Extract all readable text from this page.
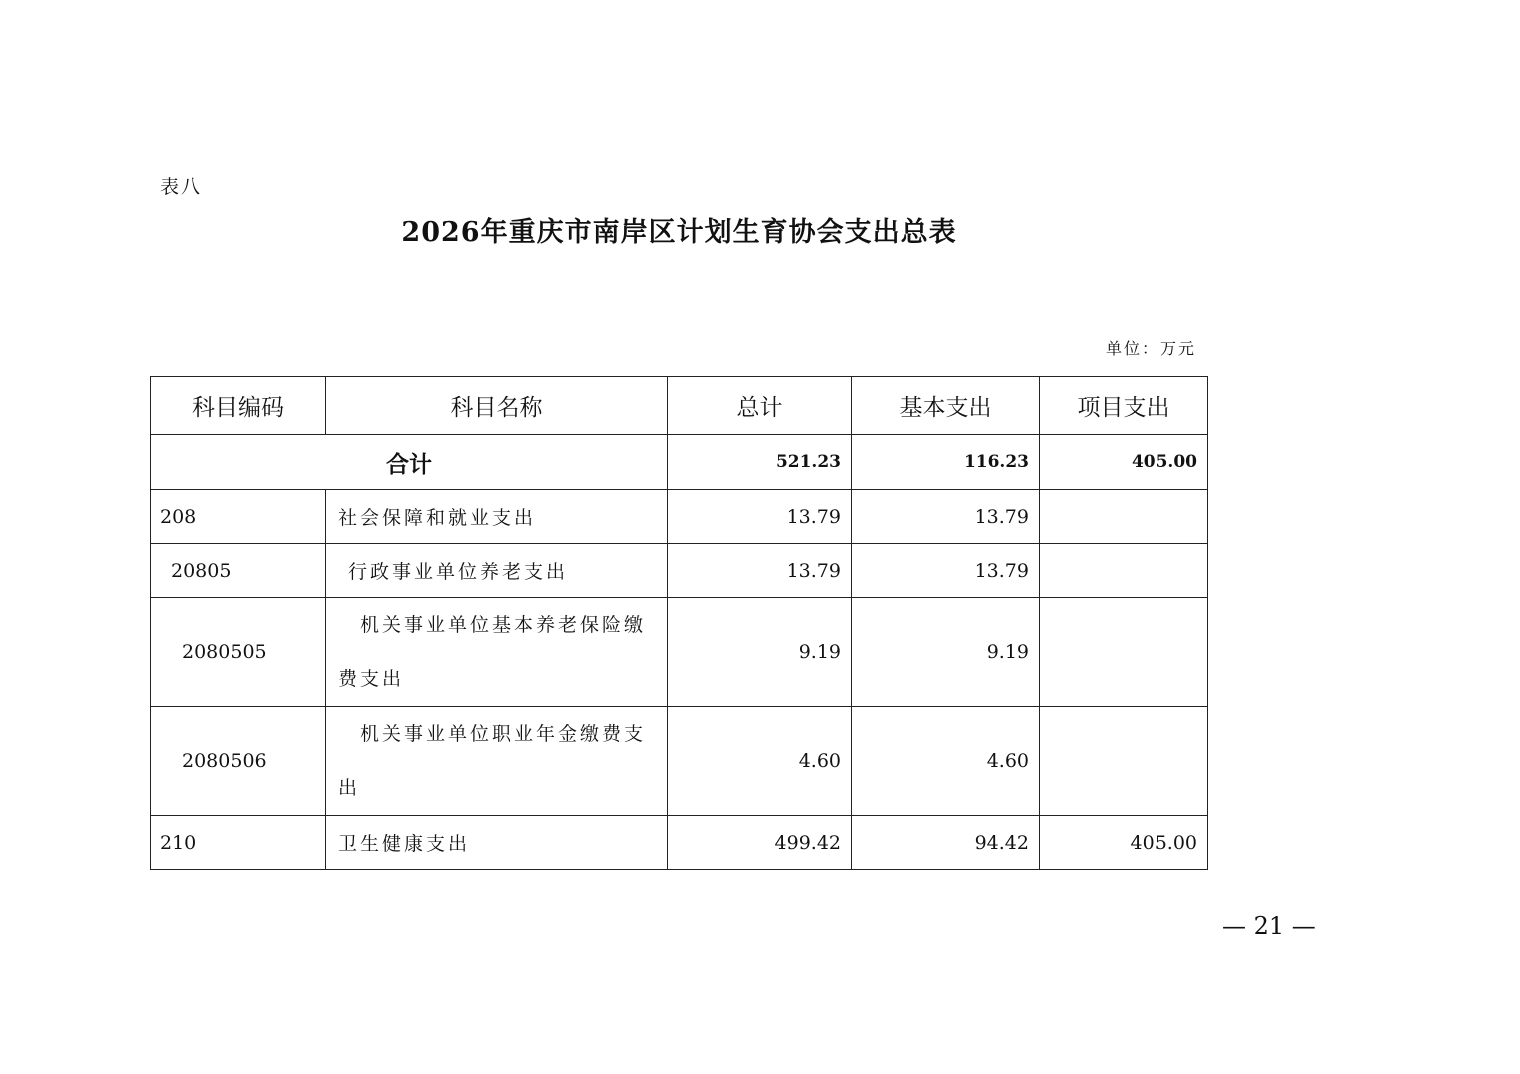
表八
2026年重庆市南岸区计划生育协会支出总表
单位：万元
科目编码	科目名称	总计	基本支出	项目支出
合计		521.23	116.23	405.00
208	社会保障和就业支出	13.79	13.79	
20805	行政事业单位养老支出	13.79	13.79	
2080505	机关事业单位基本养老保险缴费支出	9.19	9.19	
2080506	机关事业单位职业年金缴费支出	4.60	4.60	
210	卫生健康支出	499.42	94.42	405.00
— 21 —
